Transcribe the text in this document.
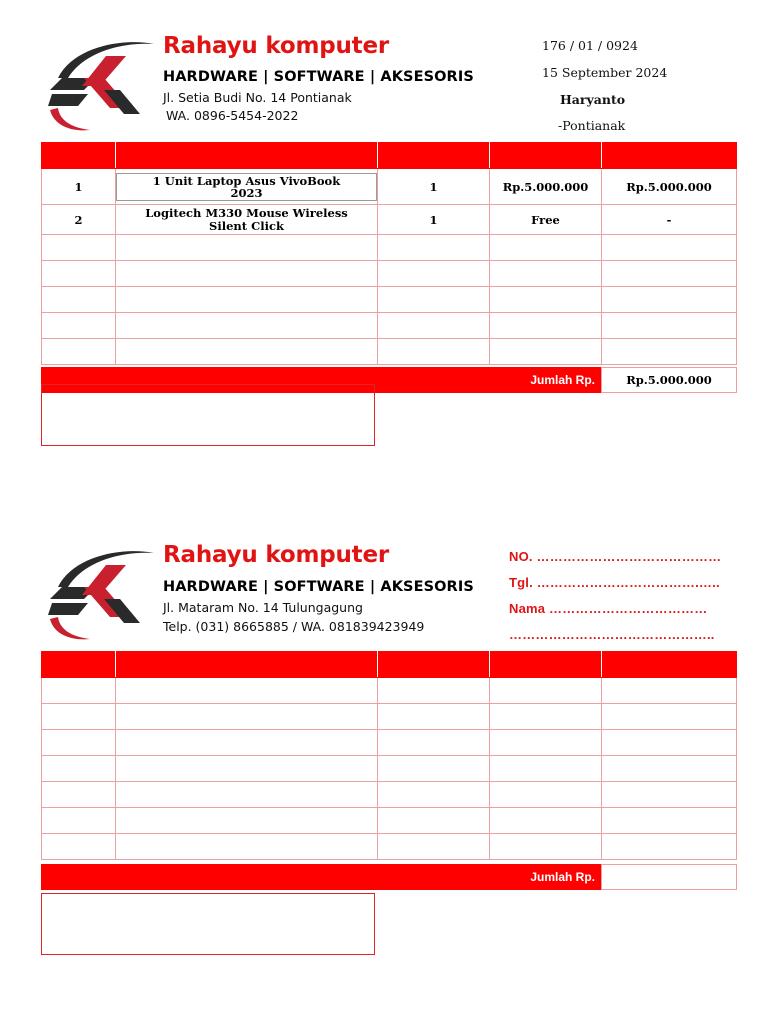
Rahayu komputer
HARDWARE | SOFTWARE | AKSESORIS
Jl. Setia Budi No. 14 Pontianak
WA. 0896-5454-2022
176 / 01 / 0924
15 September 2024
Haryanto
-Pontianak

1	1 Unit Laptop Asus VivoBook 2023	1	Rp.5.000.000	Rp.5.000.000
2	Logitech M330 Mouse Wireless Silent Click	1	Free	-

Jumlah Rp.	Rp.5.000.000
Rahayu komputer
HARDWARE | SOFTWARE | AKSESORIS
Jl. Mataram No. 14 Tulungagung
Telp. (031) 8665885 / WA. 081839423949
NO. ……………………………………
Tgl. ……………………………….…..
Nama ………………………………
………………………………………..

Jumlah Rp.
